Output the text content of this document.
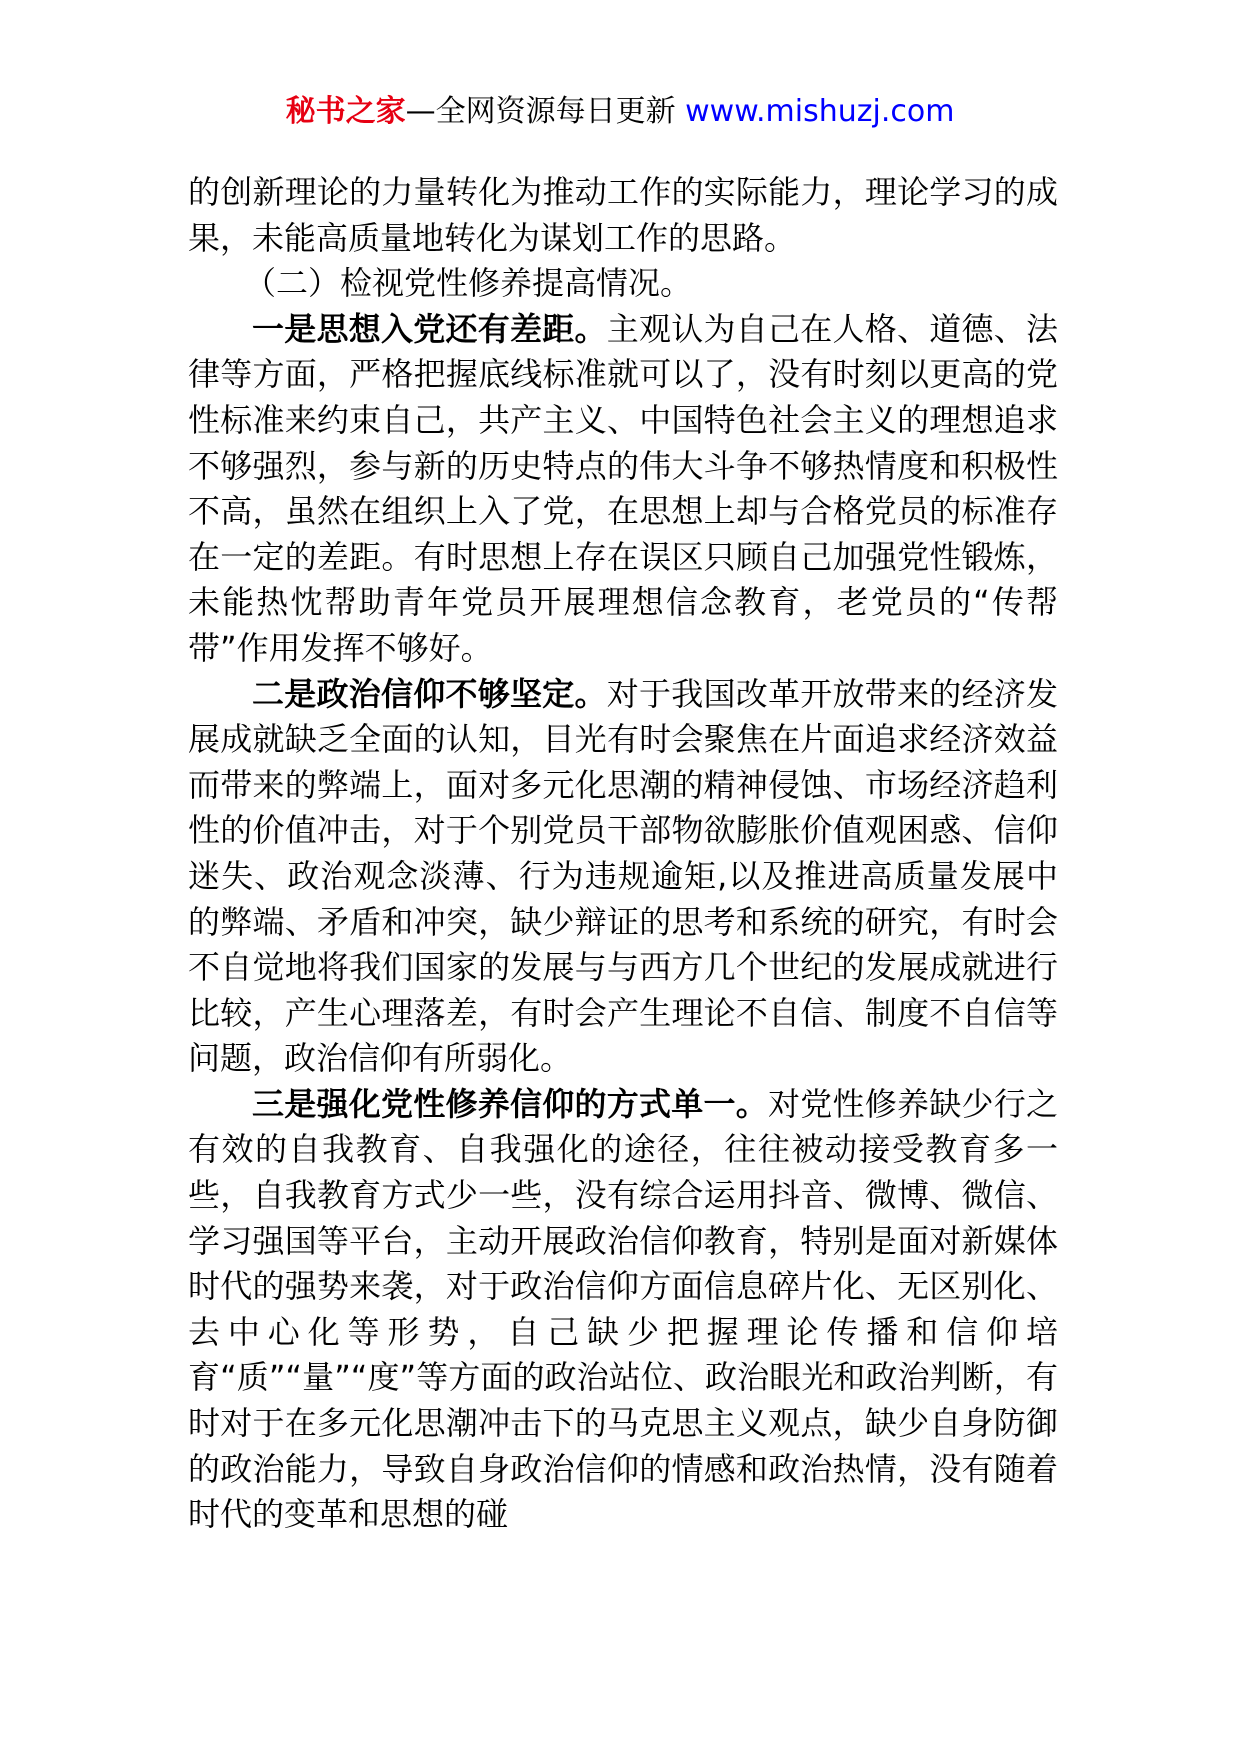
秘书之家—全网资源每日更新 www.mishuzj.com

的创新理论的力量转化为推动工作的实际能力，理论学习的成果，未能高质量地转化为谋划工作的思路。

（二）检视党性修养提高情况。

一是思想入党还有差距。主观认为自己在人格、道德、法律等方面，严格把握底线标准就可以了，没有时刻以更高的党性标准来约束自己，共产主义、中国特色社会主义的理想追求不够强烈，参与新的历史特点的伟大斗争不够热情度和积极性不高，虽然在组织上入了党，在思想上却与合格党员的标准存在一定的差距。有时思想上存在误区只顾自己加强党性锻炼，未能热忱帮助青年党员开展理想信念教育，老党员的“传帮带”作用发挥不够好。

二是政治信仰不够坚定。对于我国改革开放带来的经济发展成就缺乏全面的认知，目光有时会聚焦在片面追求经济效益而带来的弊端上，面对多元化思潮的精神侵蚀、市场经济趋利性的价值冲击，对于个别党员干部物欲膨胀价值观困惑、信仰迷失、政治观念淡薄、行为违规逾矩,以及推进高质量发展中的弊端、矛盾和冲突，缺少辩证的思考和系统的研究，有时会不自觉地将我们国家的发展与与西方几个世纪的发展成就进行比较，产生心理落差，有时会产生理论不自信、制度不自信等问题，政治信仰有所弱化。

三是强化党性修养信仰的方式单一。对党性修养缺少行之有效的自我教育、自我强化的途径，往往被动接受教育多一些，自我教育方式少一些，没有综合运用抖音、微博、微信、学习强国等平台，主动开展政治信仰教育，特别是面对新媒体时代的强势来袭，对于政治信仰方面信息碎片化、无区别化、去中心化等形势，自己缺少把握理论传播和信仰培育“质”“量”“度”等方面的政治站位、政治眼光和政治判断，有时对于在多元化思潮冲击下的马克思主义观点，缺少自身防御的政治能力，导致自身政治信仰的情感和政治热情，没有随着时代的变革和思想的碰
